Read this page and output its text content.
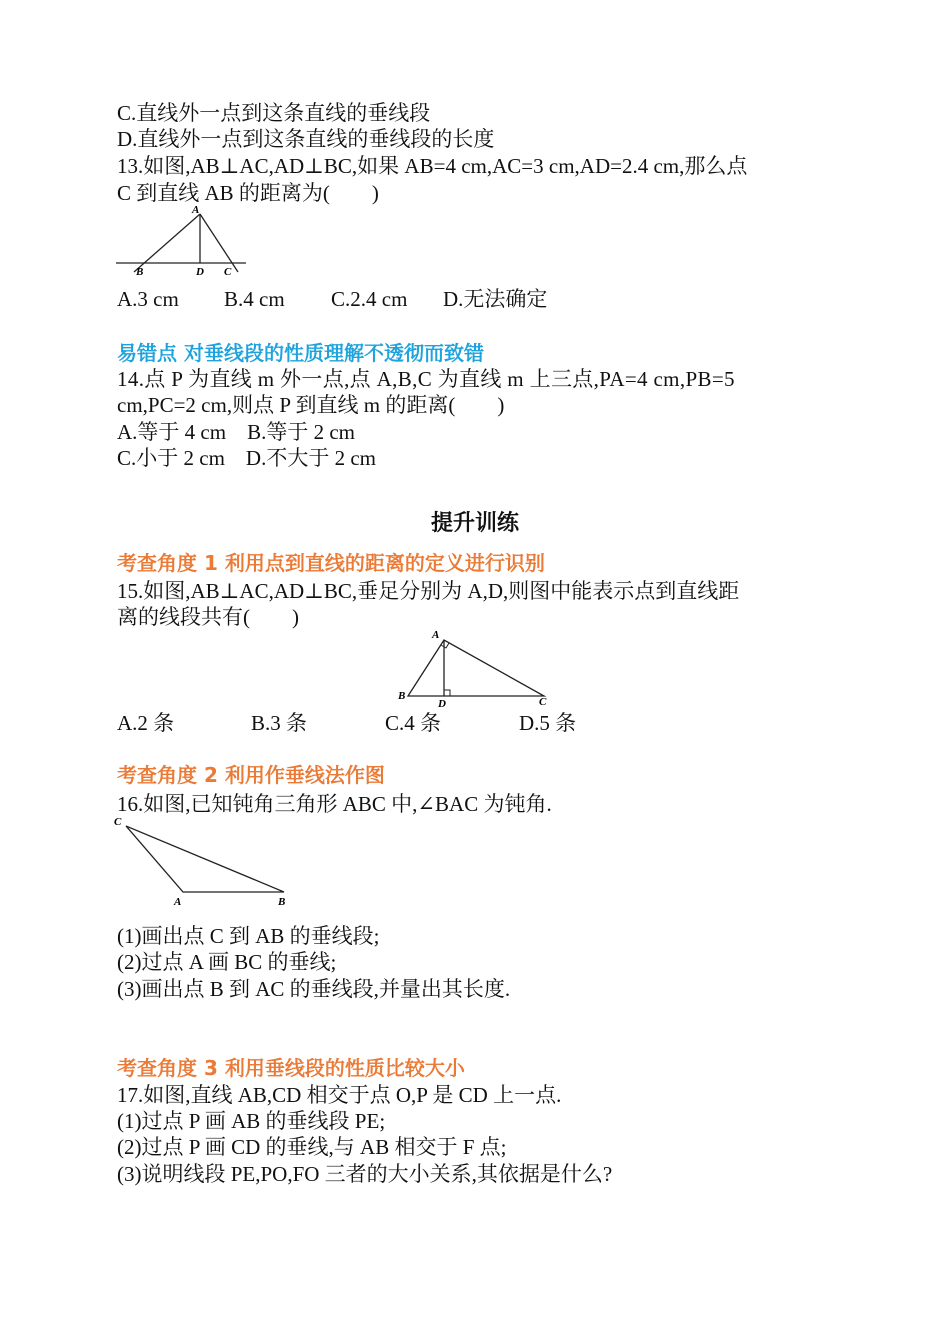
C.直线外一点到这条直线的垂线段

D.直线外一点到这条直线的垂线段的长度

13.如图,AB⊥AC,AD⊥BC,如果 AB=4 cm,AC=3 cm,AD=2.4 cm,那么点

C 到直线 AB 的距离为(        )

A
B	D C
A.3 cm B.4 cm C.2.4 cm D.无法确定

易错点 对垂线段的性质理解不透彻而致错

14.点 P 为直线 m 外一点,点 A,B,C 为直线 m 上三点,PA=4 cm,PB=5

cm,PC=2 cm,则点 P 到直线 m 的距离(        )

A.等于 4 cm    B.等于 2 cm

C.小于 2 cm    D.不大于 2 cm

提升训练

考查角度 1 利用点到直线的距离的定义进行识别

15.如图,AB⊥AC,AD⊥BC,垂足分别为 A,D,则图中能表示点到直线距

离的线段共有(        )

A
B
D	C
A.2 条	B.3 条	C.4 条	D.5 条

考查角度 2 利用作垂线法作图

16.如图,已知钝角三角形 ABC 中,∠BAC 为钝角.

C
A	B

(1)画出点 C 到 AB 的垂线段;

(2)过点 A 画 BC 的垂线;

(3)画出点 B 到 AC 的垂线段,并量出其长度.

考查角度 3 利用垂线段的性质比较大小

17.如图,直线 AB,CD 相交于点 O,P 是 CD 上一点.

(1)过点 P 画 AB 的垂线段 PE;

(2)过点 P 画 CD 的垂线,与 AB 相交于 F 点;

(3)说明线段 PE,PO,FO 三者的大小关系,其依据是什么?
